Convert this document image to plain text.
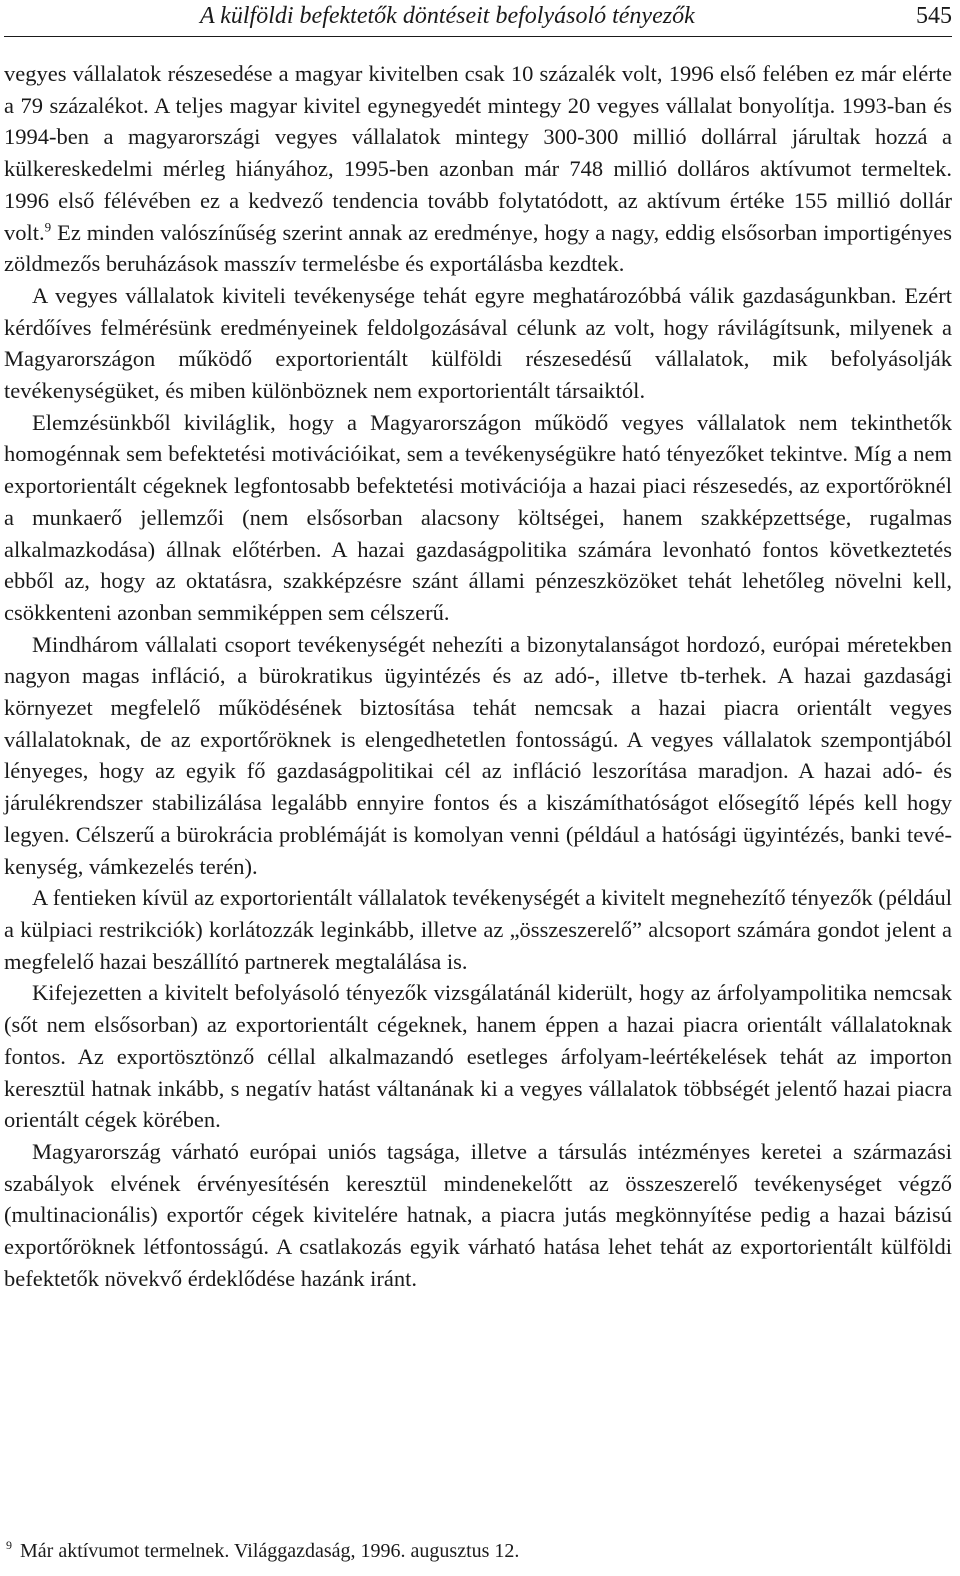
A külföldi befektetők döntéseit befolyásoló tényezők	545

vegyes vállalatok részesedése a magyar kivitelben csak 10 százalék volt, 1996 első felében ez már elérte a 79 százalékot. A teljes magyar kivitel egynegyedét mintegy 20 vegyes vállalat bonyolítja. 1993-ban és 1994-ben a magyarországi vegyes vállalatok mintegy 300-300 millió dollárral járultak hozzá a külkereskedelmi mérleg hiányához, 1995-ben azonban már 748 millió dolláros aktívumot termeltek. 1996 első félévében ez a kedvező tendencia tovább folytatódott, az aktívum értéke 155 millió dollár volt.$^9$ Ez minden valószínűség szerint annak az eredménye, hogy a nagy, eddig elsősorban importigényes zöldmezős beruházások masszív termelésbe és exportálásba kezdtek.

A vegyes vállalatok kiviteli tevékenysége tehát egyre meghatározóbbá válik gazdaságunkban. Ezért kérdőíves felmérésünk eredményeinek feldolgozásával célunk az volt, hogy rávilágítsunk, milyenek a Magyarországon működő exportorientált külföldi részesedésű vállalatok, mik befolyásolják tevékenységüket, és miben különböznek nem exportorientált társaiktól.

Elemzésünkből kiviláglik, hogy a Magyarországon működő vegyes vállalatok nem tekinthetők homogénnak sem befektetési motivációikat, sem a tevékenységükre ható tényezőket tekintve. Míg a nem exportorientált cégeknek legfontosabb befektetési motivációja a hazai piaci részesedés, az exportőröknél a munkaerő jellemzői (nem elsősorban alacsony költségei, hanem szakképzettsége, rugalmas alkalmazkodása) állnak előtérben. A hazai gazdaságpolitika számára levonható fontos következtetés ebből az, hogy az oktatásra, szakképzésre szánt állami pénzeszközöket tehát lehetőleg növelni kell, csökkenteni azonban semmiképpen sem célszerű.

Mindhárom vállalati csoport tevékenységét nehezíti a bizonytalanságot hordozó, európai méretekben nagyon magas infláció, a bürokratikus ügyintézés és az adó-, illetve tb-terhek. A hazai gazdasági környezet megfelelő működésének biztosítása tehát nemcsak a hazai piacra orientált vegyes vállalatoknak, de az exportőröknek is elengedhetetlen fontosságú. A vegyes vállalatok szempontjából lényeges, hogy az egyik fő gazdaságpolitikai cél az infláció leszorítása maradjon. A hazai adó- és járulékrendszer stabilizálása legalább ennyire fontos és a kiszámíthatóságot elősegítő lépés kell hogy legyen. Célszerű a bürokrácia problémáját is komolyan venni (például a hatósági ügyintézés, banki tevékenység, vámkezelés terén).

A fentieken kívül az exportorientált vállalatok tevékenységét a kivitelt megnehezítő tényezők (például a külpiaci restrikciók) korlátozzák leginkább, illetve az „összeszerelő” alcsoport számára gondot jelent a megfelelő hazai beszállító partnerek megtalálása is.

Kifejezetten a kivitelt befolyásoló tényezők vizsgálatánál kiderült, hogy az árfolyampolitika nemcsak (sőt nem elsősorban) az exportorientált cégeknek, hanem éppen a hazai piacra orientált vállalatoknak fontos. Az exportösztönző céllal alkalmazandó esetleges árfolyam-leértékelések tehát az importon keresztül hatnak inkább, s negatív hatást váltanának ki a vegyes vállalatok többségét jelentő hazai piacra orientált cégek körében.

Magyarország várható európai uniós tagsága, illetve a társulás intézményes keretei a származási szabályok elvének érvényesítésén keresztül mindenekelőtt az összeszerelő tevékenységet végző (multinacionális) exportőr cégek kivitelére hatnak, a piacra jutás megkönnyítése pedig a hazai bázisú exportőröknek létfontosságú. A csatlakozás egyik várható hatása lehet tehát az exportorientált külföldi befektetők növekvő érdeklődése hazánk iránt.

$^9$ Már aktívumot termelnek. Világgazdaság, 1996. augusztus 12.
